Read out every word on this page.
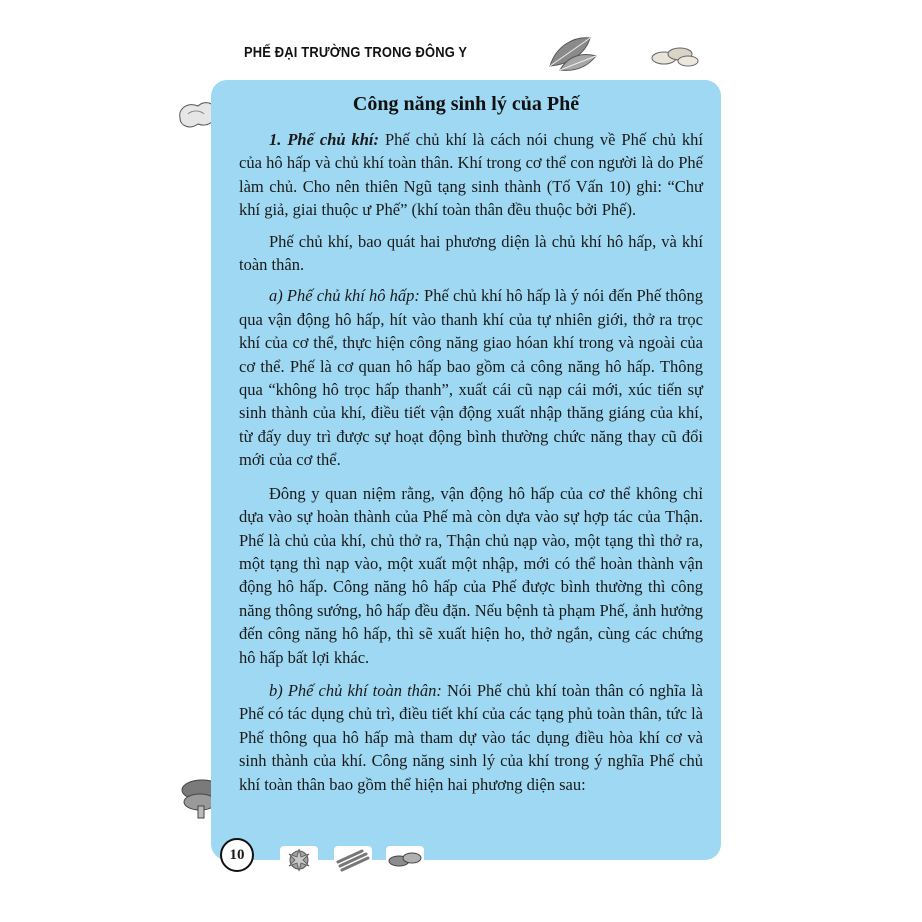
PHẾ ĐẠI TRƯỜNG TRONG ĐÔNG Y
Công năng sinh lý của Phế

1. Phế chủ khí: Phế chủ khí là cách nói chung về Phế chủ khí của hô hấp và chủ khí toàn thân. Khí trong cơ thể con người là do Phế làm chủ. Cho nên thiên Ngũ tạng sinh thành (Tố Vấn 10) ghi: “Chư khí giả, giai thuộc ư Phế” (khí toàn thân đều thuộc bởi Phế).

Phế chủ khí, bao quát hai phương diện là chủ khí hô hấp, và khí toàn thân.

a) Phế chủ khí hô hấp: Phế chủ khí hô hấp là ý nói đến Phế thông qua vận động hô hấp, hít vào thanh khí của tự nhiên giới, thở ra trọc khí của cơ thể, thực hiện công năng giao hóan khí trong và ngoài của cơ thể. Phế là cơ quan hô hấp bao gồm cả công năng hô hấp. Thông qua “không hô trọc hấp thanh”, xuất cái cũ nạp cái mới, xúc tiến sự sinh thành của khí, điều tiết vận động xuất nhập thăng giáng của khí, từ đấy duy trì được sự hoạt động bình thường chức năng thay cũ đổi mới của cơ thể.

Đông y quan niệm rằng, vận động hô hấp của cơ thể không chỉ dựa vào sự hoàn thành của Phế mà còn dựa vào sự hợp tác của Thận. Phế là chủ của khí, chủ thở ra, Thận chủ nạp vào, một tạng thì thở ra, một tạng thì nạp vào, một xuất một nhập, mới có thể hoàn thành vận động hô hấp. Công năng hô hấp của Phế được bình thường thì công năng thông sướng, hô hấp đều đặn. Nếu bệnh tà phạm Phế, ảnh hưởng đến công năng hô hấp, thì sẽ xuất hiện ho, thở ngắn, cùng các chứng hô hấp bất lợi khác.

b) Phế chủ khí toàn thân: Nói Phế chủ khí toàn thân có nghĩa là Phế có tác dụng chủ trì, điều tiết khí của các tạng phủ toàn thân, tức là Phế thông qua hô hấp mà tham dự vào tác dụng điều hòa khí cơ và sinh thành của khí. Công năng sinh lý của khí trong ý nghĩa Phế chủ khí toàn thân bao gồm thể hiện hai phương diện sau:

10
